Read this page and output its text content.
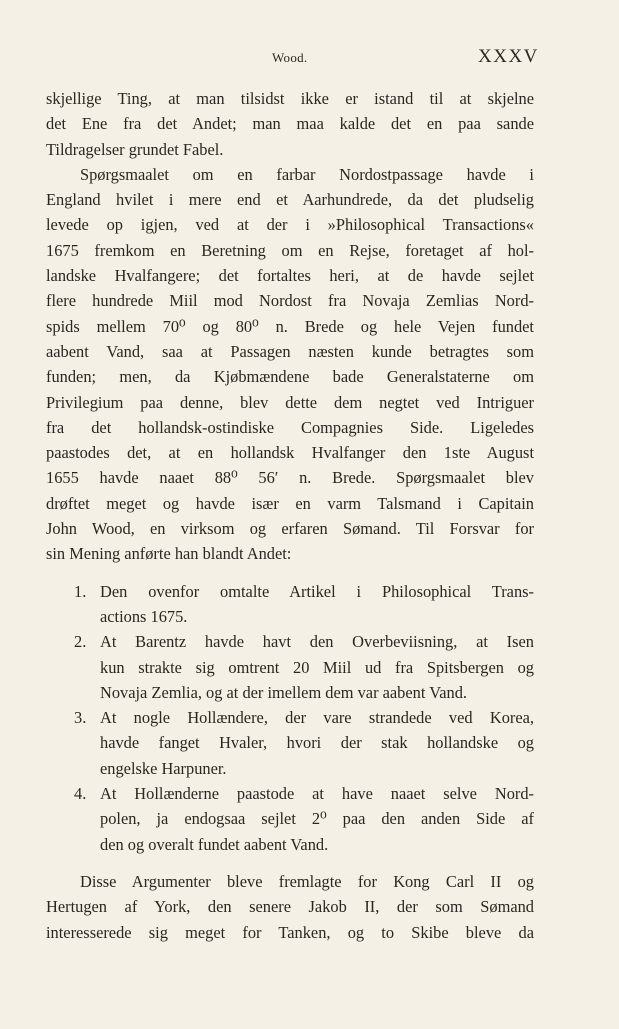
Wood.	XXXV
skjellige Ting, at man tilsidst ikke er istand til at skjelne
det Ene fra det Andet; man maa kalde det en paa sande
Tildragelser grundet Fabel.
Spørgsmaalet om en farbar Nordostpassage havde i
England hvilet i mere end et Aarhundrede, da det pludselig
levede op igjen, ved at der i »Philosophical Transactions«
1675 fremkom en Beretning om en Rejse, foretaget af hol-
landske Hvalfangere; det fortaltes heri, at de havde sejlet
flere hundrede Miil mod Nordost fra Novaja Zemlias Nord-
spids mellem 70⁰ og 80⁰ n. Brede og hele Vejen fundet
aabent Vand, saa at Passagen næsten kunde betragtes som
funden; men, da Kjøbmændene bade Generalstaterne om
Privilegium paa denne, blev dette dem negtet ved Intriguer
fra det hollandsk-ostindiske Compagnies Side. Ligeledes
paastodes det, at en hollandsk Hvalfanger den 1ste August
1655 havde naaet 88⁰ 56′ n. Brede. Spørgsmaalet blev
drøftet meget og havde især en varm Talsmand i Capitain
John Wood, en virksom og erfaren Sømand. Til Forsvar for
sin Mening anførte han blandt Andet:
1. Den ovenfor omtalte Artikel i Philosophical Trans-
actions 1675.
2. At Barentz havde havt den Overbeviisning, at Isen
kun strakte sig omtrent 20 Miil ud fra Spitsbergen og
Novaja Zemlia, og at der imellem dem var aabent Vand.
3. At nogle Hollændere, der vare strandede ved Korea,
havde fanget Hvaler, hvori der stak hollandske og
engelske Harpuner.
4. At Hollænderne paastode at have naaet selve Nord-
polen, ja endogsaa sejlet 2⁰ paa den anden Side af
den og overalt fundet aabent Vand.
Disse Argumenter bleve fremlagte for Kong Carl II og
Hertugen af York, den senere Jakob II, der som Sømand
interesserede sig meget for Tanken, og to Skibe bleve da
